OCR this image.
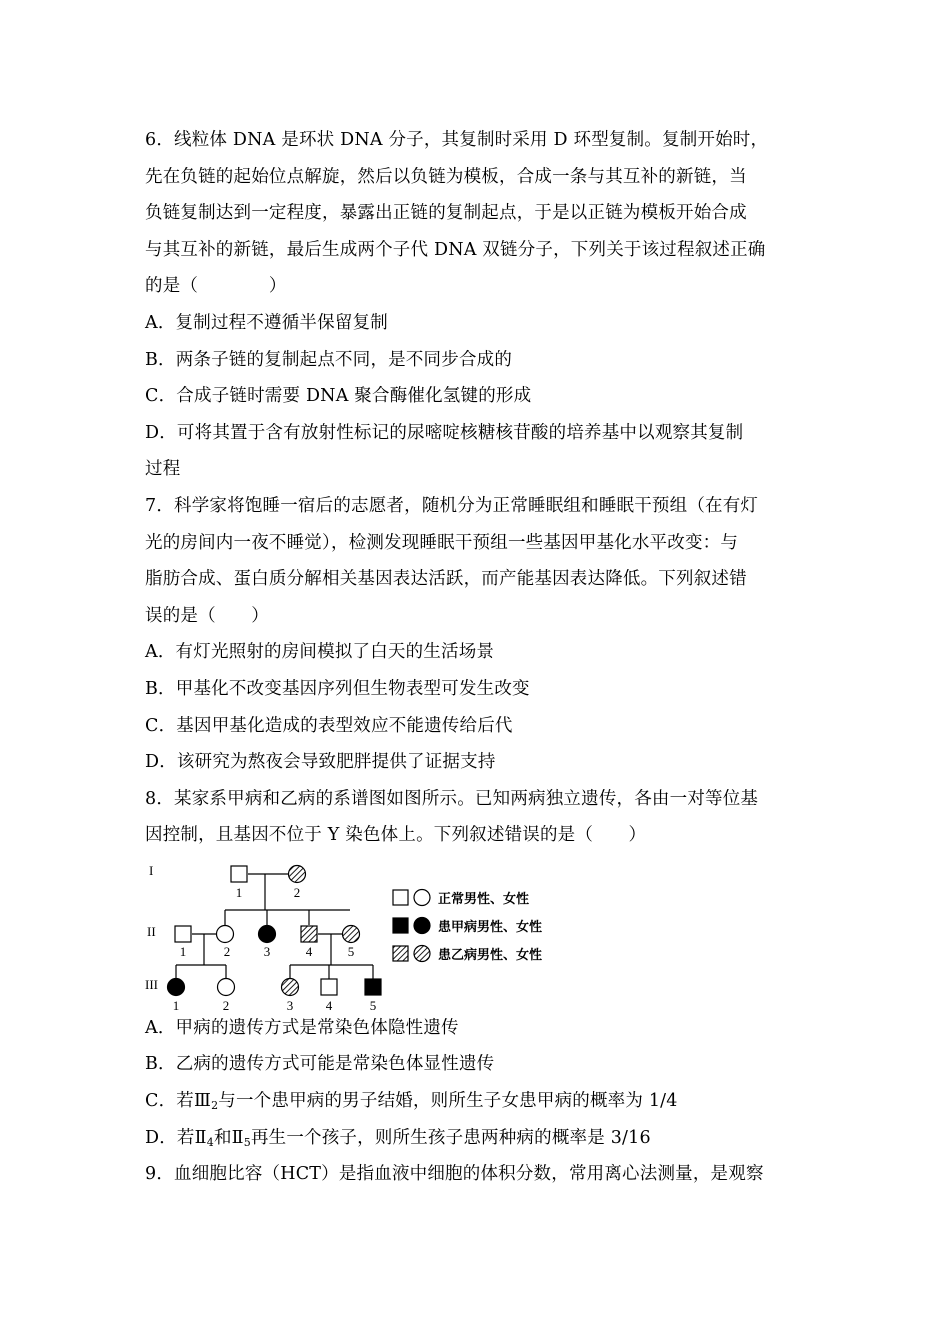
6．线粒体 DNA 是环状 DNA 分子，其复制时采用 D 环型复制。复制开始时，
先在负链的起始位点解旋，然后以负链为模板，合成一条与其互补的新链，当
负链复制达到一定程度，暴露出正链的复制起点，于是以正链为模板开始合成
与其互补的新链，最后生成两个子代 DNA 双链分子，下列关于该过程叙述正确
的是（　　　　）
A．复制过程不遵循半保留复制
B．两条子链的复制起点不同，是不同步合成的
C．合成子链时需要 DNA 聚合酶催化氢键的形成
D．可将其置于含有放射性标记的尿嘧啶核糖核苷酸的培养基中以观察其复制
过程
7．科学家将饱睡一宿后的志愿者，随机分为正常睡眠组和睡眠干预组（在有灯
光的房间内一夜不睡觉），检测发现睡眠干预组一些基因甲基化水平改变：与
脂肪合成、蛋白质分解相关基因表达活跃，而产能基因表达降低。下列叙述错
误的是（　　）
A．有灯光照射的房间模拟了白天的生活场景
B．甲基化不改变基因序列但生物表型可发生改变
C．基因甲基化造成的表型效应不能遗传给后代
D．该研究为熬夜会导致肥胖提供了证据支持
8．某家系甲病和乙病的系谱图如图所示。已知两病独立遗传，各由一对等位基
因控制，且基因不位于 Y 染色体上。下列叙述错误的是（　　）
I
II
III
1	2
1	2	3	4	5
1	2	3	4	5
正常男性、女性
患甲病男性、女性
患乙病男性、女性
A．甲病的遗传方式是常染色体隐性遗传
B．乙病的遗传方式可能是常染色体显性遗传
C．若$Ⅲ_2$与一个患甲病的男子结婚，则所生子女患甲病的概率为 1/4
D．若$Ⅱ_4$和$Ⅱ_5$再生一个孩子，则所生孩子患两种病的概率是 3/16
9．血细胞比容（HCT）是指血液中细胞的体积分数，常用离心法测量，是观察
